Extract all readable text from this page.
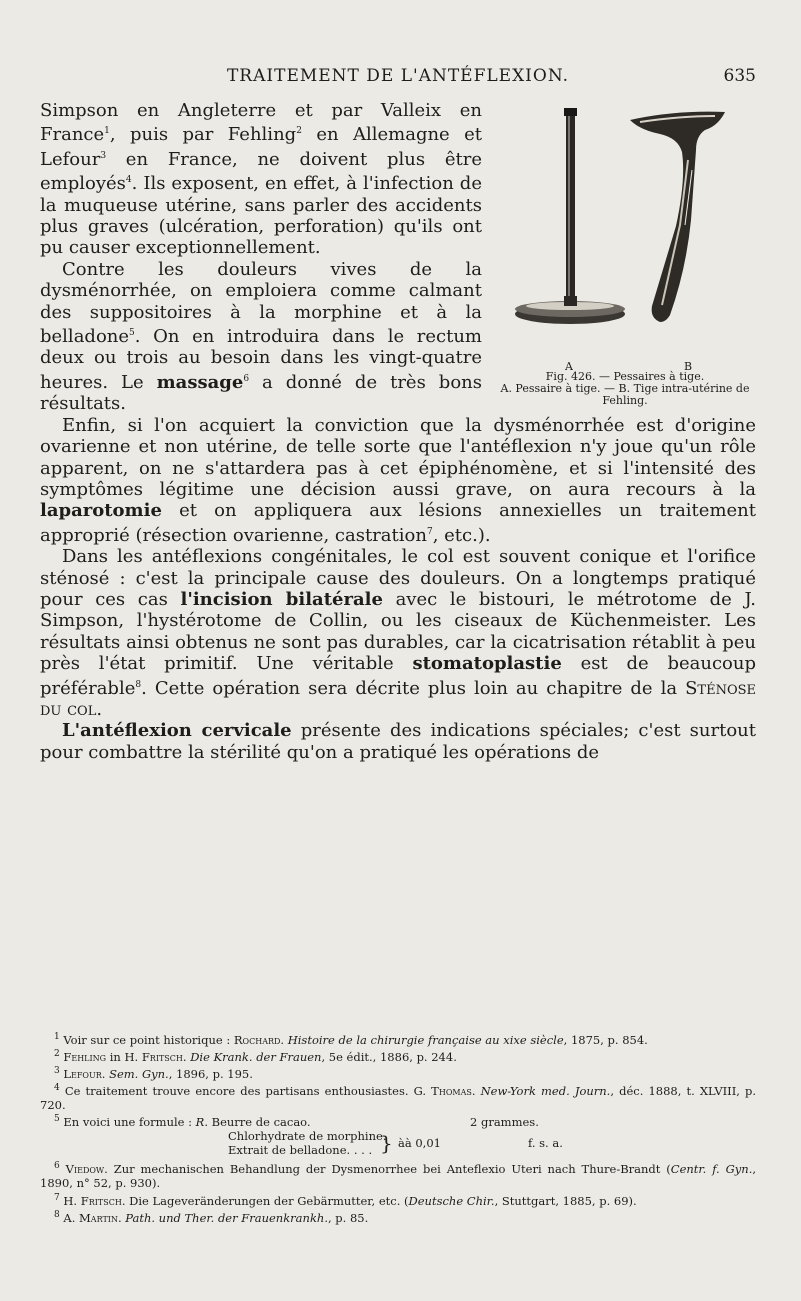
TRAITEMENT DE L'ANTÉFLEXION.	635
A	B
Fig. 426. — Pessaires à tige.
A. Pessaire à tige. — B. Tige intra-utérine de Fehling.

Simpson en Angleterre et par Valleix en France$^1$, puis par Fehling$^2$ en Allemagne et Lefour$^3$ en France, ne doivent plus être employés$^4$. Ils exposent, en effet, à l'infection de la muqueuse utérine, sans parler des accidents plus graves (ulcération, perforation) qu'ils ont pu causer exceptionnellement.

Contre les douleurs vives de la dysménorrhée, on emploiera comme calmant des suppositoires à la morphine et à la belladone$^5$. On en introduira dans le rectum deux ou trois au besoin dans les vingt-quatre heures. Le massage$^6$ a donné de très bons résultats.

Enfin, si l'on acquiert la conviction que la dysménorrhée est d'origine ovarienne et non utérine, de telle sorte que l'antéflexion n'y joue qu'un rôle apparent, on ne s'attardera pas à cet épiphénomène, et si l'intensité des symptômes légitime une décision aussi grave, on aura recours à la laparotomie et on appliquera aux lésions annexielles un traitement approprié (résection ovarienne, castration$^7$, etc.).

Dans les antéflexions congénitales, le col est souvent conique et l'orifice sténosé : c'est la principale cause des douleurs. On a longtemps pratiqué pour ces cas l'incision bilatérale avec le bistouri, le métrotome de J. Simpson, l'hystérotome de Collin, ou les ciseaux de Küchenmeister. Les résultats ainsi obtenus ne sont pas durables, car la cicatrisation rétablit à peu près l'état primitif. Une véritable stomatoplastie est de beaucoup préférable$^8$. Cette opération sera décrite plus loin au chapitre de la Sténose du col.

L'antéflexion cervicale présente des indications spéciales; c'est surtout pour combattre la stérilité qu'on a pratiqué les opérations de

$^1$ Voir sur ce point historique : Rochard. Histoire de la chirurgie française au xixe siècle, 1875, p. 854.

$^2$ Fehling in H. Fritsch. Die Krank. der Frauen, 5e édit., 1886, p. 244.

$^3$ Lefour. Sem. Gyn., 1896, p. 195.

$^4$ Ce traitement trouve encore des partisans enthousiastes. G. Thomas. New-York med. Journ., déc. 1888, t. XLVIII, p. 720.

$^5$ En voici une formule : R. Beurre de cacao.	2 grammes.
Chlorhydrate de morphine.
Extrait de belladone. . . . } àà 0,01	f. s. a.

$^6$ Viedow. Zur mechanischen Behandlung der Dysmenorrhee bei Anteflexio Uteri nach Thure-Brandt (Centr. f. Gyn., 1890, n° 52, p. 930).

$^7$ H. Fritsch. Die Lageveränderungen der Gebärmutter, etc. (Deutsche Chir., Stuttgart, 1885, p. 69).

$^8$ A. Martin. Path. und Ther. der Frauenkrankh., p. 85.
